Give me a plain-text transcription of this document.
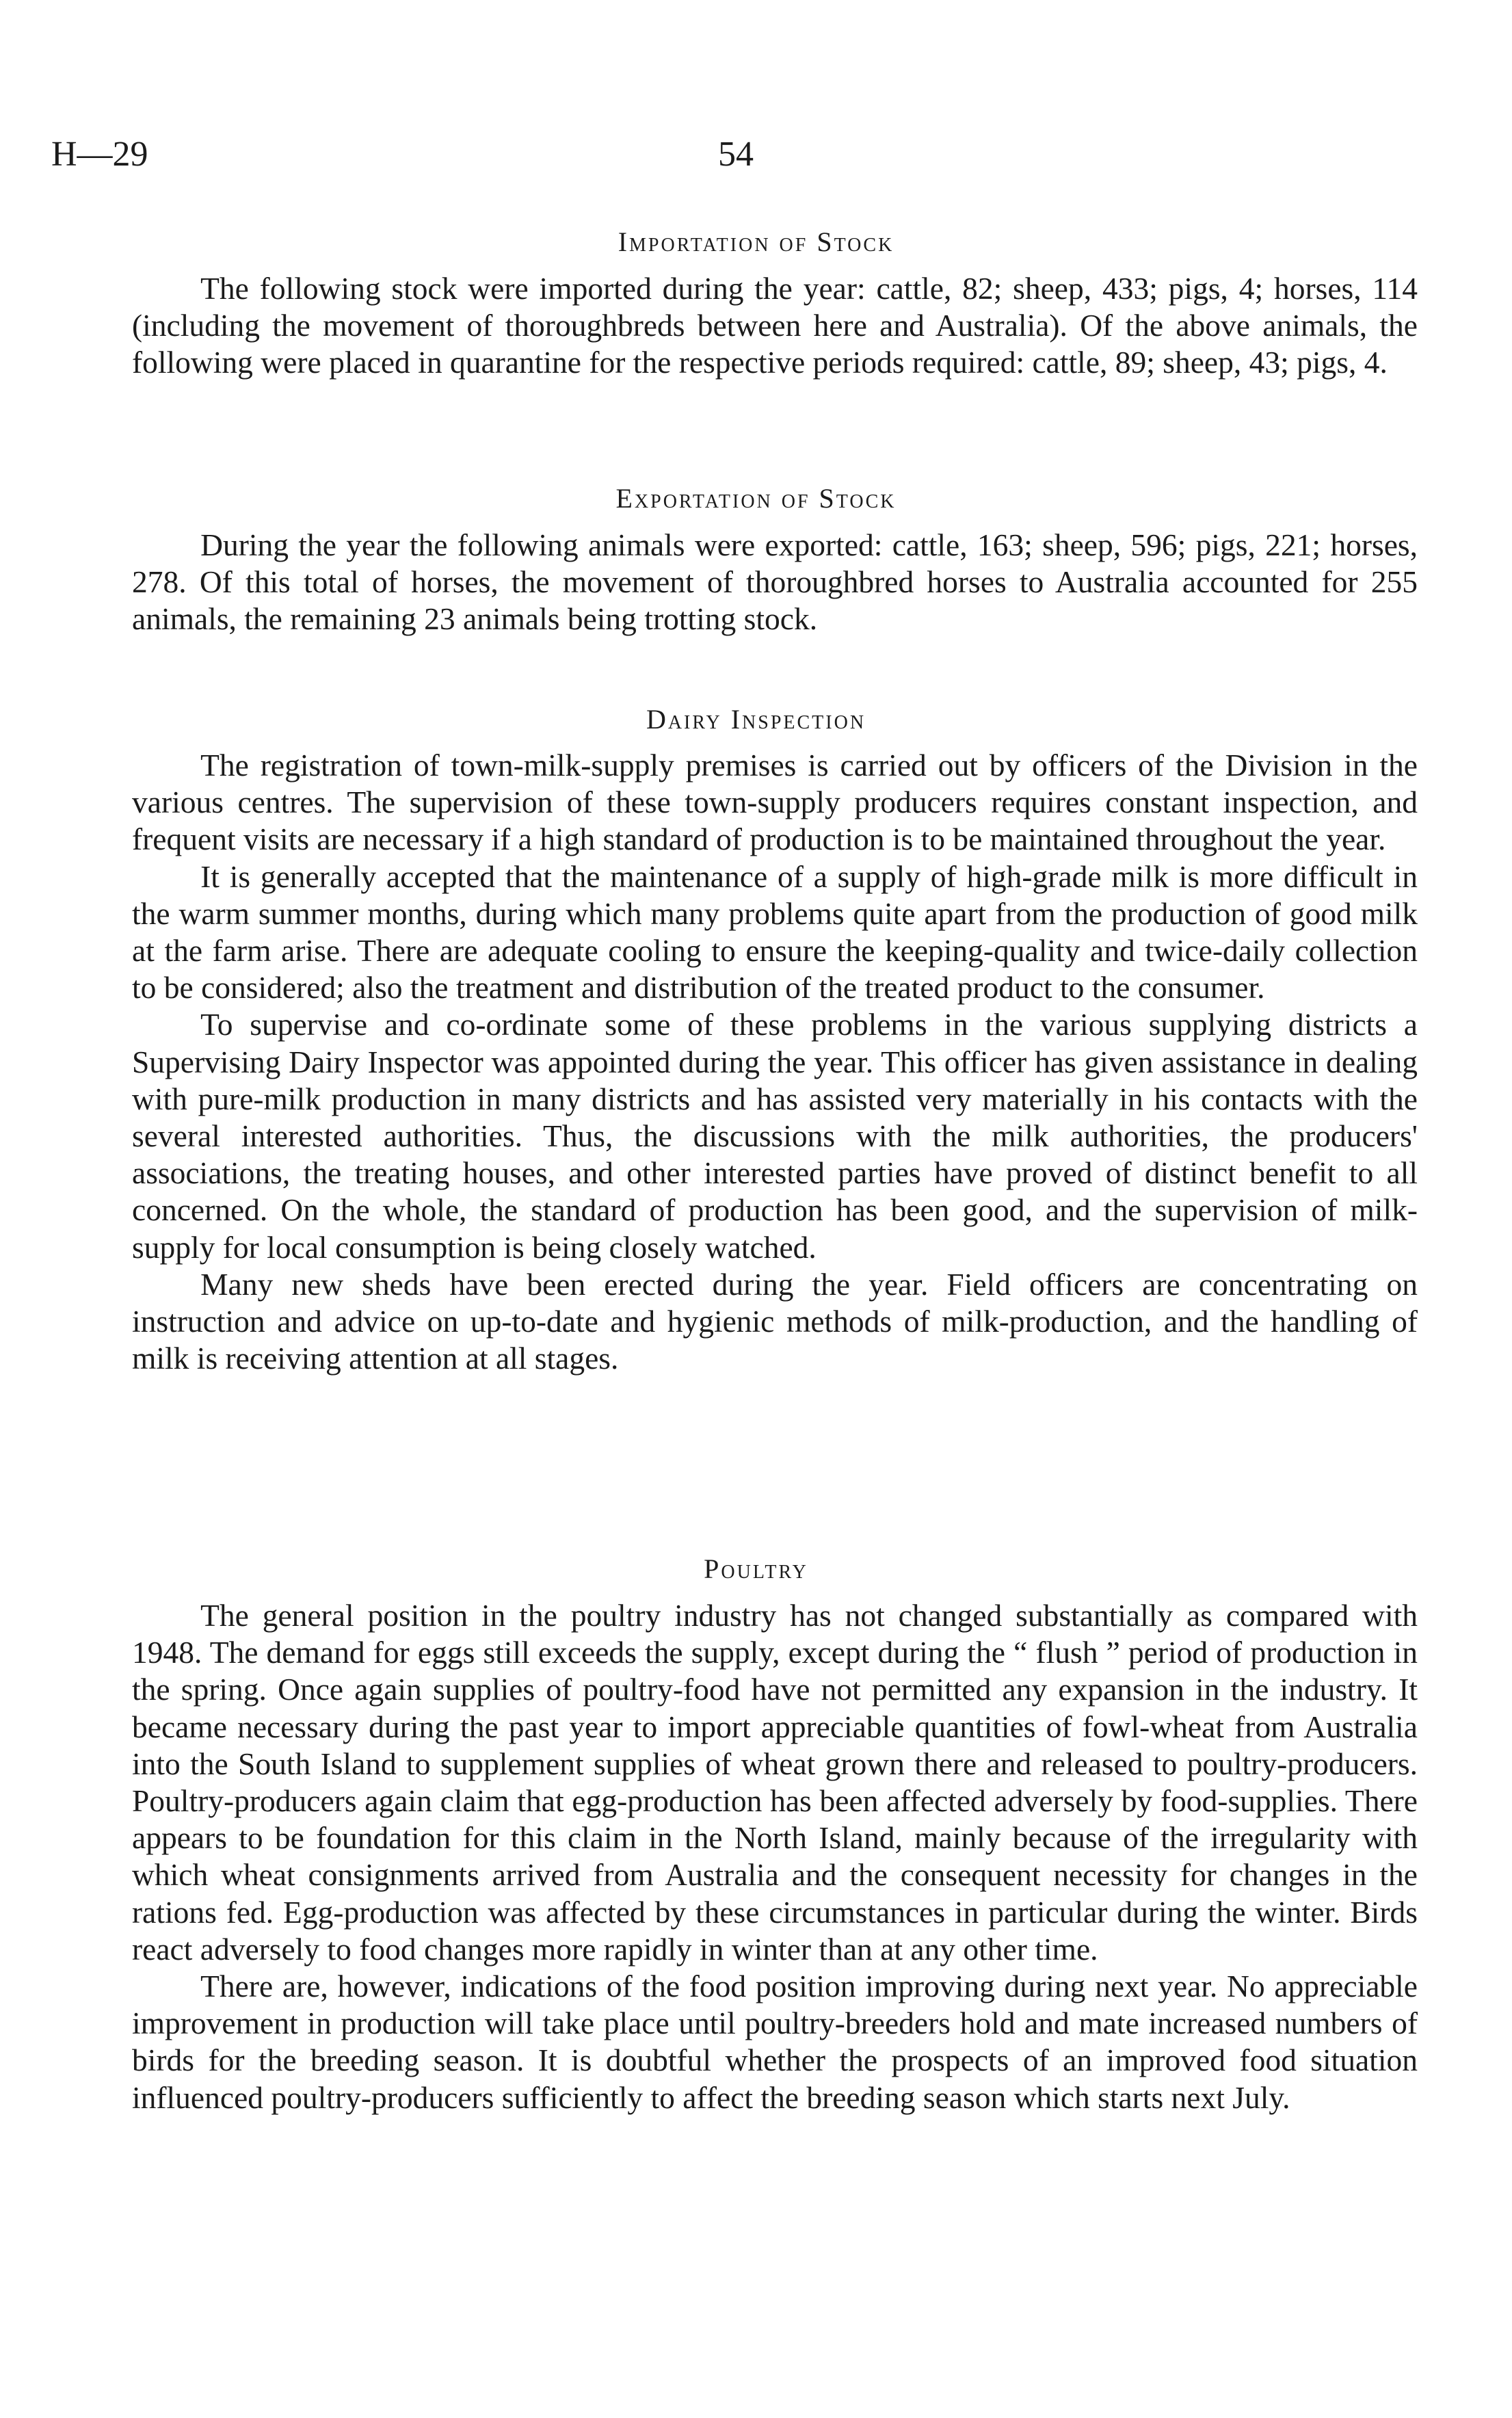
H—29	54
Importation of Stock

The following stock were imported during the year: cattle, 82; sheep, 433; pigs, 4; horses, 114 (including the movement of thoroughbreds between here and Australia). Of the above animals, the following were placed in quarantine for the respective periods required: cattle, 89; sheep, 43; pigs, 4.

Exportation of Stock

During the year the following animals were exported: cattle, 163; sheep, 596; pigs, 221; horses, 278. Of this total of horses, the movement of thoroughbred horses to Australia accounted for 255 animals, the remaining 23 animals being trotting stock.

Dairy Inspection

The registration of town-milk-supply premises is carried out by officers of the Division in the various centres. The supervision of these town-supply producers requires constant inspection, and frequent visits are necessary if a high standard of production is to be maintained throughout the year.

It is generally accepted that the maintenance of a supply of high-grade milk is more difficult in the warm summer months, during which many problems quite apart from the production of good milk at the farm arise. There are adequate cooling to ensure the keeping-quality and twice-daily collection to be considered; also the treatment and distribution of the treated product to the consumer.

To supervise and co-ordinate some of these problems in the various supplying districts a Supervising Dairy Inspector was appointed during the year. This officer has given assistance in dealing with pure-milk production in many districts and has assisted very materially in his contacts with the several interested authorities. Thus, the discussions with the milk authorities, the producers' associations, the treating houses, and other interested parties have proved of distinct benefit to all concerned. On the whole, the standard of production has been good, and the supervision of milk-supply for local consumption is being closely watched.

Many new sheds have been erected during the year. Field officers are concentrating on instruction and advice on up-to-date and hygienic methods of milk-production, and the handling of milk is receiving attention at all stages.

Poultry

The general position in the poultry industry has not changed substantially as compared with 1948. The demand for eggs still exceeds the supply, except during the “ flush ” period of production in the spring. Once again supplies of poultry-food have not permitted any expansion in the industry. It became necessary during the past year to import appreciable quantities of fowl-wheat from Australia into the South Island to supplement supplies of wheat grown there and released to poultry-producers. Poultry-producers again claim that egg-production has been affected adversely by food-supplies. There appears to be foundation for this claim in the North Island, mainly because of the irregularity with which wheat consignments arrived from Australia and the consequent necessity for changes in the rations fed. Egg-production was affected by these circumstances in particular during the winter. Birds react adversely to food changes more rapidly in winter than at any other time.

There are, however, indications of the food position improving during next year. No appreciable improvement in production will take place until poultry-breeders hold and mate increased numbers of birds for the breeding season. It is doubtful whether the prospects of an improved food situation influenced poultry-producers sufficiently to affect the breeding season which starts next July.
